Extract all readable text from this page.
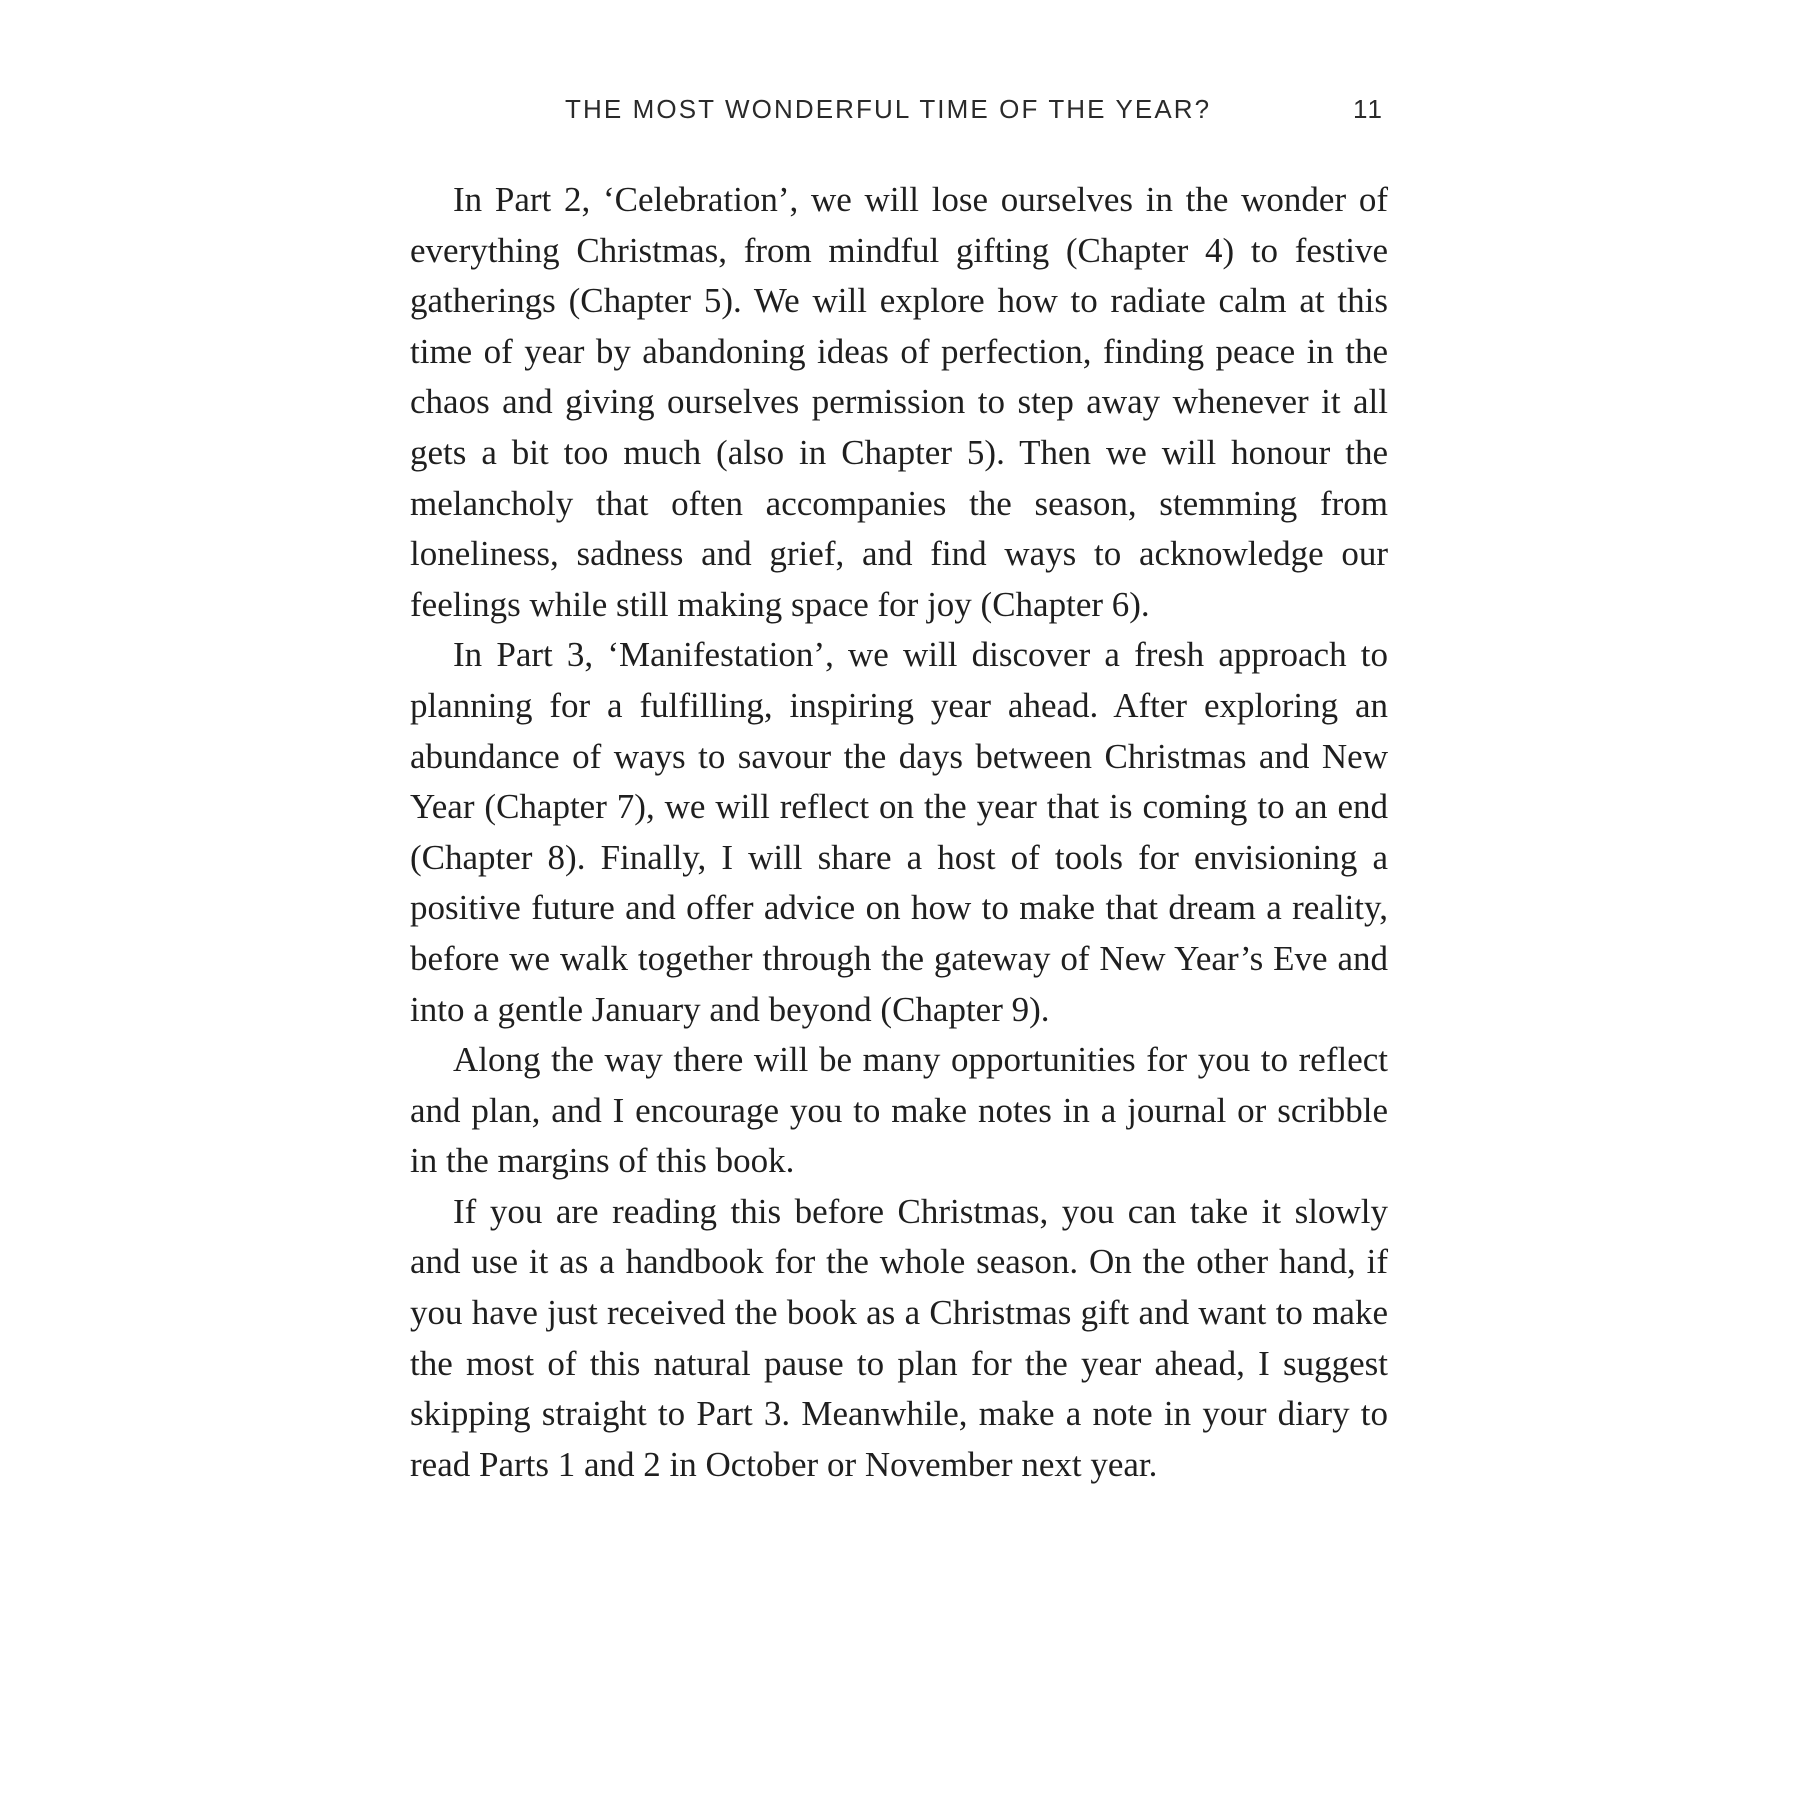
THE MOST WONDERFUL TIME OF THE YEAR?	11

In Part 2, ‘Celebration’, we will lose ourselves in the wonder of everything Christmas, from mindful gifting (Chapter 4) to festive gatherings (Chapter 5). We will explore how to radiate calm at this time of year by abandoning ideas of perfection, finding peace in the chaos and giving ourselves permission to step away whenever it all gets a bit too much (also in Chapter 5). Then we will honour the melancholy that often accompanies the season, stemming from loneliness, sadness and grief, and find ways to acknowledge our feelings while still making space for joy (Chapter 6).

In Part 3, ‘Manifestation’, we will discover a fresh approach to planning for a fulfilling, inspiring year ahead. After exploring an abundance of ways to savour the days between Christmas and New Year (Chapter 7), we will reflect on the year that is coming to an end (Chapter 8). Finally, I will share a host of tools for envisioning a positive future and offer advice on how to make that dream a reality, before we walk together through the gateway of New Year’s Eve and into a gentle January and beyond (Chapter 9).

Along the way there will be many opportunities for you to reflect and plan, and I encourage you to make notes in a journal or scribble in the margins of this book.

If you are reading this before Christmas, you can take it slowly and use it as a handbook for the whole season. On the other hand, if you have just received the book as a Christmas gift and want to make the most of this natural pause to plan for the year ahead, I suggest skipping straight to Part 3. Meanwhile, make a note in your diary to read Parts 1 and 2 in October or November next year.
